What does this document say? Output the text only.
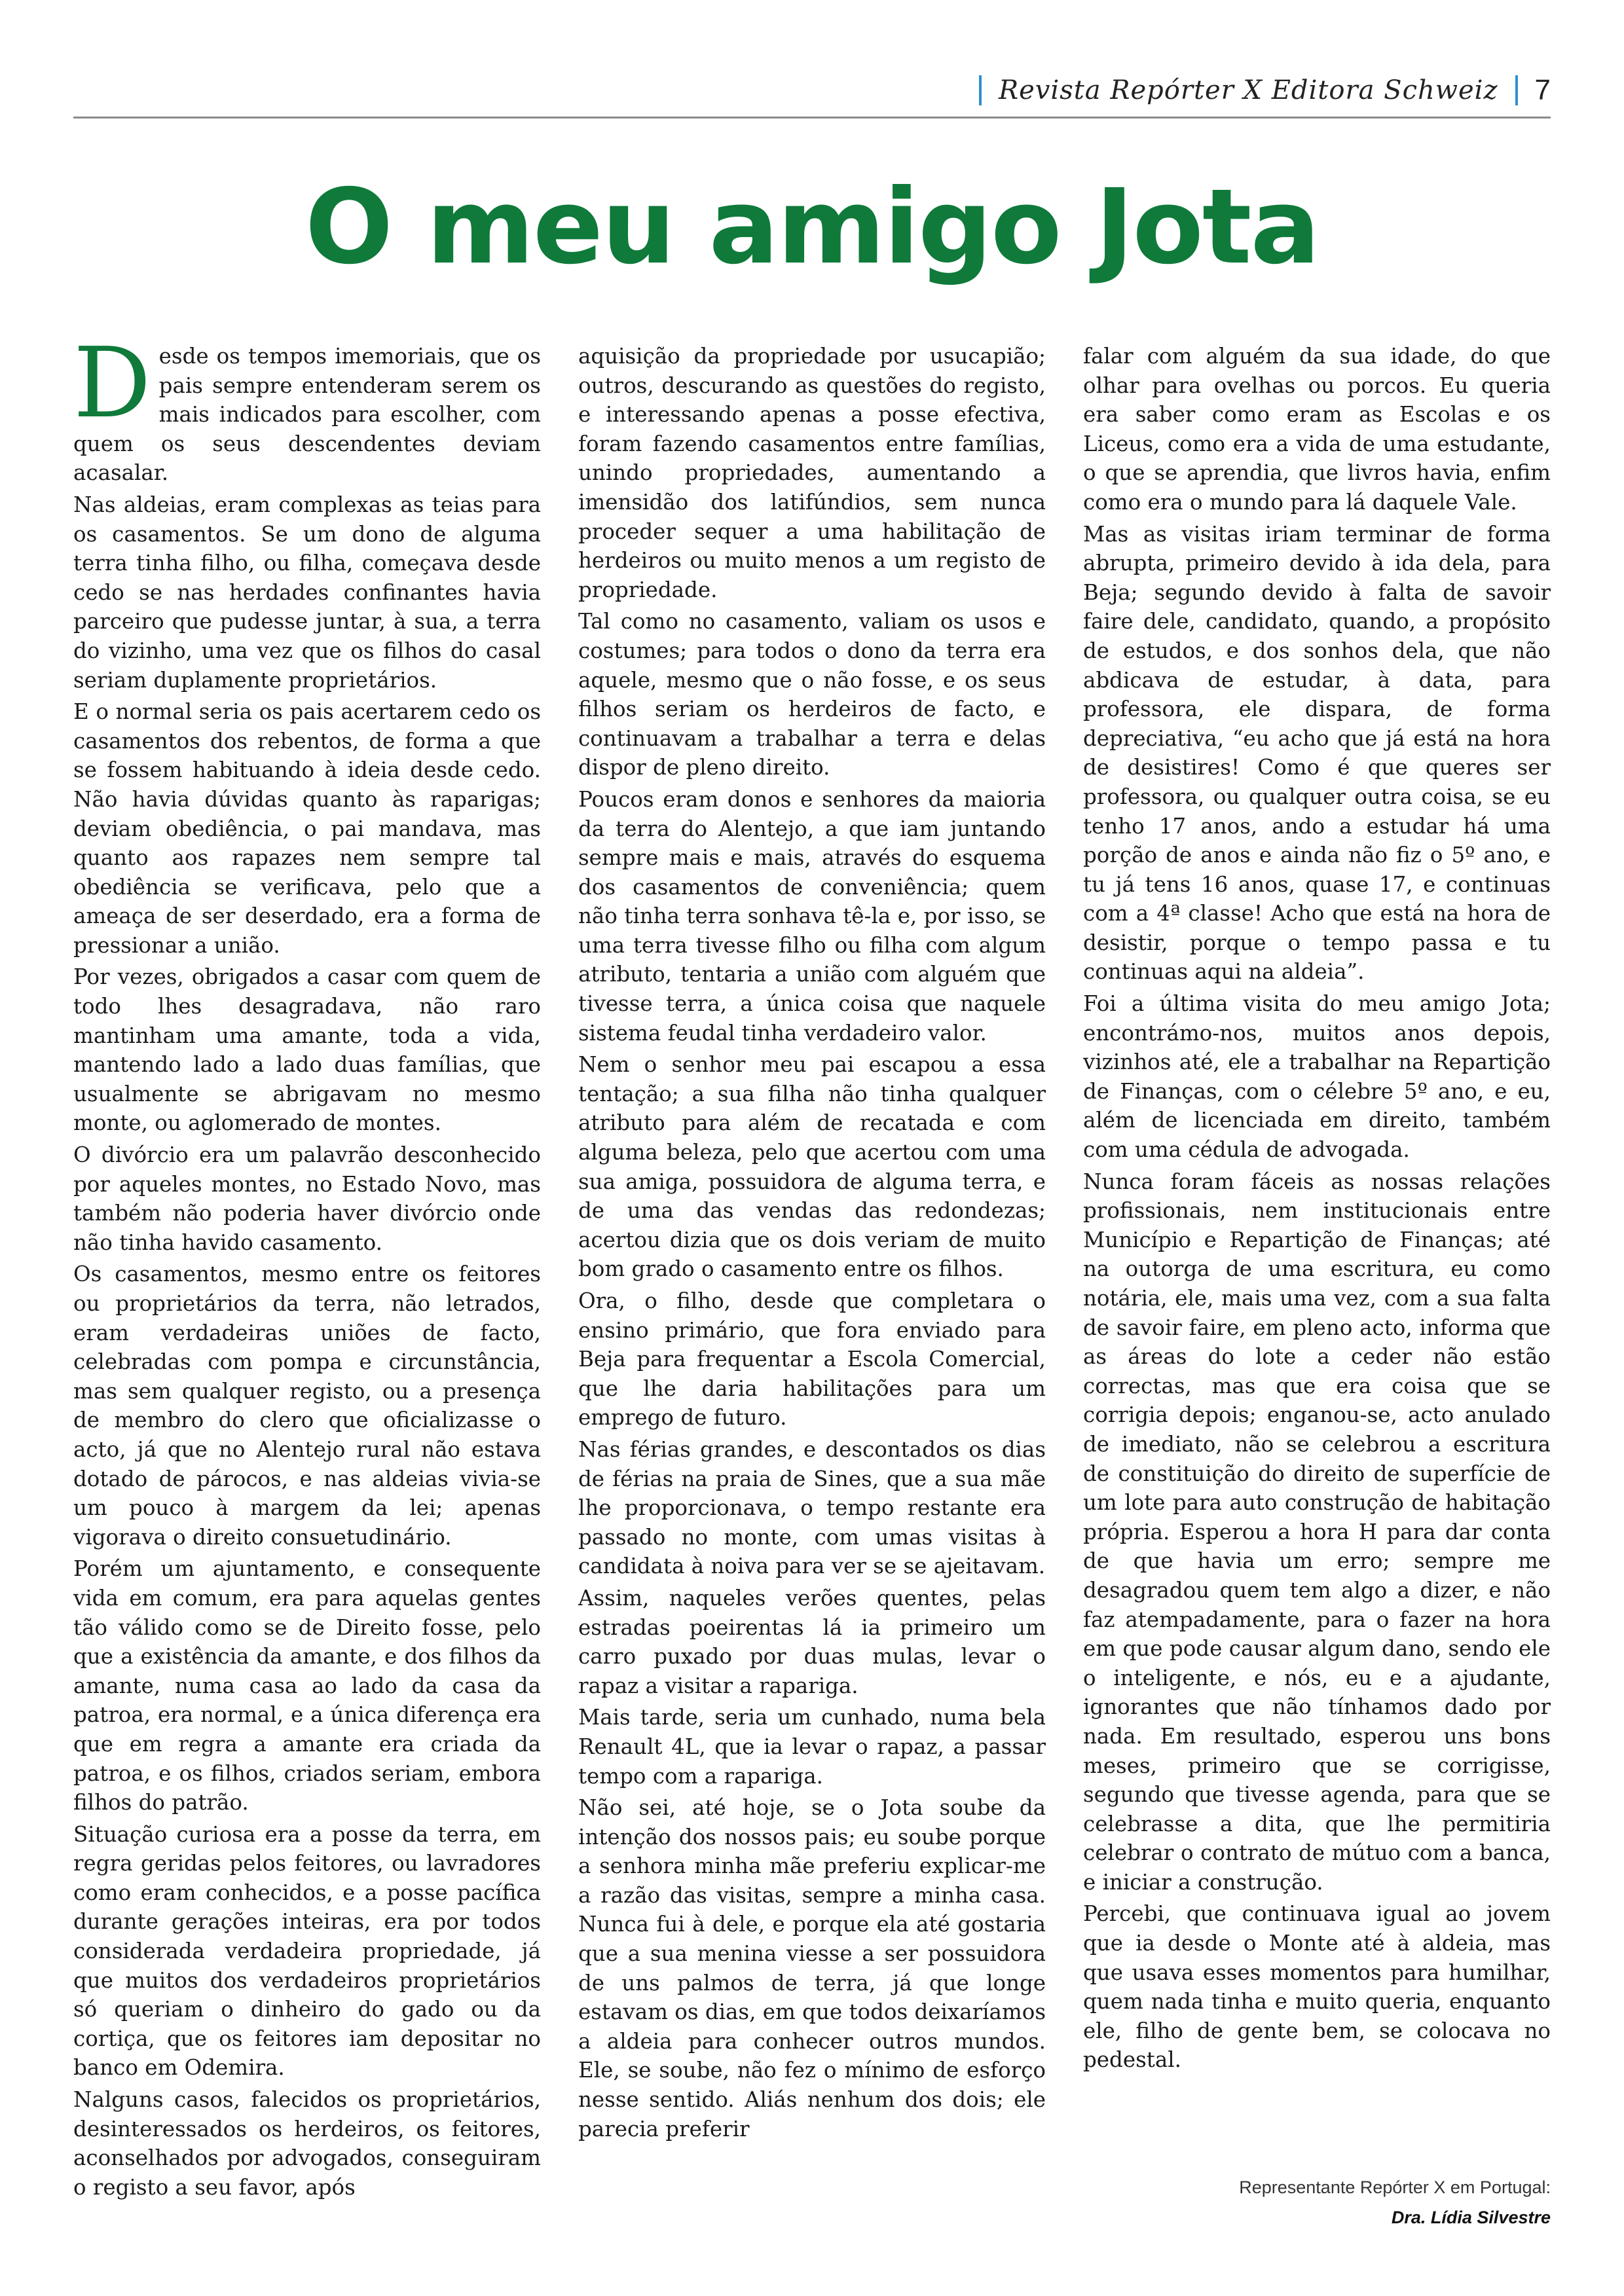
Revista Repórter X Editora Schweiz	7
O meu amigo Jota

Desde os tempos imemoriais, que os pais sempre entenderam serem os mais indicados para escolher, com quem os seus descendentes deviam acasalar.

Nas aldeias, eram complexas as teias para os casamentos. Se um dono de alguma terra tinha filho, ou filha, começava desde cedo se nas herdades confinantes havia parceiro que pudesse juntar, à sua, a terra do vizinho, uma vez que os filhos do casal seriam duplamente proprietários.

E o normal seria os pais acertarem cedo os casamentos dos rebentos, de forma a que se fossem habituando à ideia desde cedo. Não havia dúvidas quanto às raparigas; deviam obediência, o pai mandava, mas quanto aos rapazes nem sempre tal obediência se verificava, pelo que a ameaça de ser deserdado, era a forma de pressionar a união.

Por vezes, obrigados a casar com quem de todo lhes desagradava, não raro mantinham uma amante, toda a vida, mantendo lado a lado duas famílias, que usualmente se abrigavam no mesmo monte, ou aglomerado de montes.

O divórcio era um palavrão desconhecido por aqueles montes, no Estado Novo, mas também não poderia haver divórcio onde não tinha havido casamento.

Os casamentos, mesmo entre os feitores ou proprietários da terra, não letrados, eram verdadeiras uniões de facto, celebradas com pompa e circunstância, mas sem qualquer registo, ou a presença de membro do clero que oficializasse o acto, já que no Alentejo rural não estava dotado de párocos, e nas aldeias vivia-se um pouco à margem da lei; apenas vigorava o direito consuetudinário.

Porém um ajuntamento, e consequente vida em comum, era para aquelas gentes tão válido como se de Direito fosse, pelo que a existência da amante, e dos filhos da amante, numa casa ao lado da casa da patroa, era normal, e a única diferença era que em regra a amante era criada da patroa, e os filhos, criados seriam, embora filhos do patrão.

Situação curiosa era a posse da terra, em regra geridas pelos feitores, ou lavradores como eram conhecidos, e a posse pacífica durante gerações inteiras, era por todos considerada verdadeira propriedade, já que muitos dos verdadeiros proprietários só queriam o dinheiro do gado ou da cortiça, que os feitores iam depositar no banco em Odemira.

Nalguns casos, falecidos os proprietários, desinteressados os herdeiros, os feitores, aconselhados por advogados, conseguiram o registo a seu favor, após

aquisição da propriedade por usucapião; outros, descurando as questões do registo, e interessando apenas a posse efectiva, foram fazendo casamentos entre famílias, unindo propriedades, aumentando a imensidão dos latifúndios, sem nunca proceder sequer a uma habilitação de herdeiros ou muito menos a um registo de propriedade.

Tal como no casamento, valiam os usos e costumes; para todos o dono da terra era aquele, mesmo que o não fosse, e os seus filhos seriam os herdeiros de facto, e continuavam a trabalhar a terra e delas dispor de pleno direito.

Poucos eram donos e senhores da maioria da terra do Alentejo, a que iam juntando sempre mais e mais, através do esquema dos casamentos de conveniência; quem não tinha terra sonhava tê-la e, por isso, se uma terra tivesse filho ou filha com algum atributo, tentaria a união com alguém que tivesse terra, a única coisa que naquele sistema feudal tinha verdadeiro valor.

Nem o senhor meu pai escapou a essa tentação; a sua filha não tinha qualquer atributo para além de recatada e com alguma beleza, pelo que acertou com uma sua amiga, possuidora de alguma terra, e de uma das vendas das redondezas; acertou dizia que os dois veriam de muito bom grado o casamento entre os filhos.

Ora, o filho, desde que completara o ensino primário, que fora enviado para Beja para frequentar a Escola Comercial, que lhe daria habilitações para um emprego de futuro.

Nas férias grandes, e descontados os dias de férias na praia de Sines, que a sua mãe lhe proporcionava, o tempo restante era passado no monte, com umas visitas à candidata à noiva para ver se se ajeitavam.

Assim, naqueles verões quentes, pelas estradas poeirentas lá ia primeiro um carro puxado por duas mulas, levar o rapaz a visitar a rapariga.

Mais tarde, seria um cunhado, numa bela Renault 4L, que ia levar o rapaz, a passar tempo com a rapariga.

Não sei, até hoje, se o Jota soube da intenção dos nossos pais; eu soube porque a senhora minha mãe preferiu explicar-me a razão das visitas, sempre a minha casa. Nunca fui à dele, e porque ela até gostaria que a sua menina viesse a ser possuidora de uns palmos de terra, já que longe estavam os dias, em que todos deixaríamos a aldeia para conhecer outros mundos. Ele, se soube, não fez o mínimo de esforço nesse sentido. Aliás nenhum dos dois; ele parecia preferir

falar com alguém da sua idade, do que olhar para ovelhas ou porcos. Eu queria era saber como eram as Escolas e os Liceus, como era a vida de uma estudante, o que se aprendia, que livros havia, enfim como era o mundo para lá daquele Vale.

Mas as visitas iriam terminar de forma abrupta, primeiro devido à ida dela, para Beja; segundo devido à falta de savoir faire dele, candidato, quando, a propósito de estudos, e dos sonhos dela, que não abdicava de estudar, à data, para professora, ele dispara, de forma depreciativa, “eu acho que já está na hora de desistires! Como é que queres ser professora, ou qualquer outra coisa, se eu tenho 17 anos, ando a estudar há uma porção de anos e ainda não fiz o 5º ano, e tu já tens 16 anos, quase 17, e continuas com a 4ª classe! Acho que está na hora de desistir, porque o tempo passa e tu continuas aqui na aldeia”.

Foi a última visita do meu amigo Jota; encontrámo-nos, muitos anos depois, vizinhos até, ele a trabalhar na Repartição de Finanças, com o célebre 5º ano, e eu, além de licenciada em direito, também com uma cédula de advogada.

Nunca foram fáceis as nossas relações profissionais, nem institucionais entre Município e Repartição de Finanças; até na outorga de uma escritura, eu como notária, ele, mais uma vez, com a sua falta de savoir faire, em pleno acto, informa que as áreas do lote a ceder não estão correctas, mas que era coisa que se corrigia depois; enganou-se, acto anulado de imediato, não se celebrou a escritura de constituição do direito de superfície de um lote para auto construção de habitação própria. Esperou a hora H para dar conta de que havia um erro; sempre me desagradou quem tem algo a dizer, e não faz atempadamente, para o fazer na hora em que pode causar algum dano, sendo ele o inteligente, e nós, eu e a ajudante, ignorantes que não tínhamos dado por nada. Em resultado, esperou uns bons meses, primeiro que se corrigisse, segundo que tivesse agenda, para que se celebrasse a dita, que lhe permitiria celebrar o contrato de mútuo com a banca, e iniciar a construção.

Percebi, que continuava igual ao jovem que ia desde o Monte até à aldeia, mas que usava esses momentos para humilhar, quem nada tinha e muito queria, enquanto ele, filho de gente bem, se colocava no pedestal.

Representante Repórter X em Portugal:
Dra. Lídia Silvestre
